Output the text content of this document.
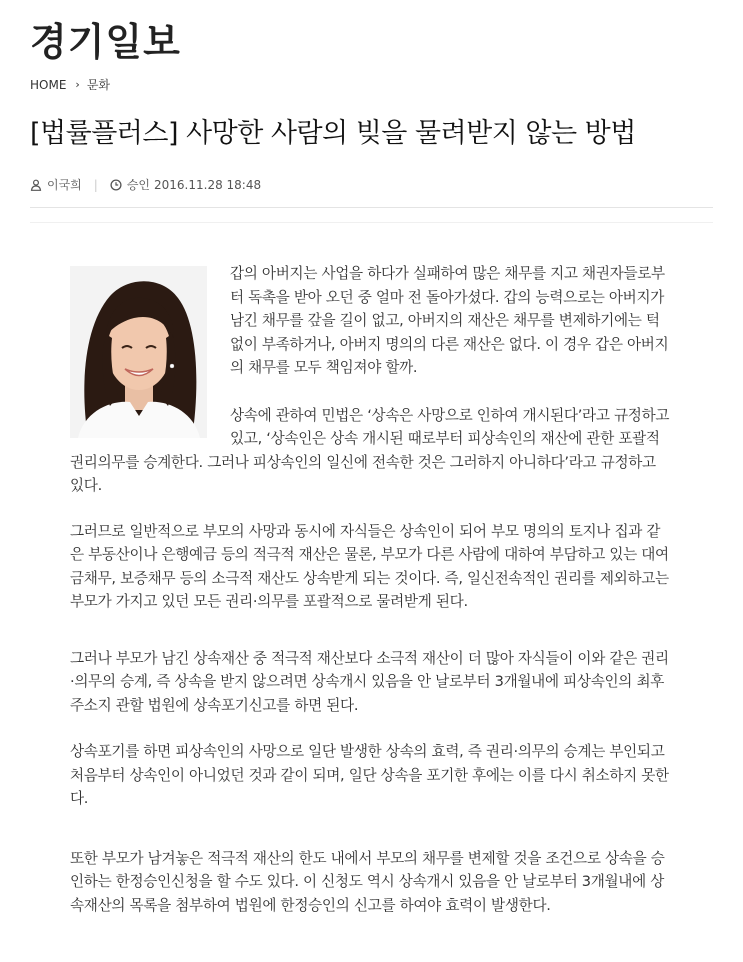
경기일보
HOME › 문화
[법률플러스] 사망한 사람의 빚을 물려받지 않는 방법
이국희 | 승인 2016.11.28 18:48

갑의 아버지는 사업을 하다가 실패하여 많은 채무를 지고 채권자들로부터 독촉을 받아 오던 중 얼마 전 돌아가셨다. 갑의 능력으로는 아버지가 남긴 채무를 갚을 길이 없고, 아버지의 재산은 채무를 변제하기에는 턱없이 부족하거나, 아버지 명의의 다른 재산은 없다. 이 경우 갑은 아버지의 채무를 모두 책임져야 할까.

상속에 관하여 민법은 ‘상속은 사망으로 인하여 개시된다’라고 규정하고 있고, ‘상속인은 상속 개시된 때로부터 피상속인의 재산에 관한 포괄적 권리의무를 승계한다. 그러나 피상속인의 일신에 전속한 것은 그러하지 아니하다’라고 규정하고 있다.

그러므로 일반적으로 부모의 사망과 동시에 자식들은 상속인이 되어 부모 명의의 토지나 집과 같은 부동산이나 은행예금 등의 적극적 재산은 물론, 부모가 다른 사람에 대하여 부담하고 있는 대여금채무, 보증채무 등의 소극적 재산도 상속받게 되는 것이다. 즉, 일신전속적인 권리를 제외하고는 부모가 가지고 있던 모든 권리·의무를 포괄적으로 물려받게 된다.

그러나 부모가 남긴 상속재산 중 적극적 재산보다 소극적 재산이 더 많아 자식들이 이와 같은 권리·의무의 승계, 즉 상속을 받지 않으려면 상속개시 있음을 안 날로부터 3개월내에 피상속인의 최후 주소지 관할 법원에 상속포기신고를 하면 된다.

상속포기를 하면 피상속인의 사망으로 일단 발생한 상속의 효력, 즉 권리·의무의 승계는 부인되고 처음부터 상속인이 아니었던 것과 같이 되며, 일단 상속을 포기한 후에는 이를 다시 취소하지 못한다.

또한 부모가 남겨놓은 적극적 재산의 한도 내에서 부모의 채무를 변제할 것을 조건으로 상속을 승인하는 한정승인신청을 할 수도 있다. 이 신청도 역시 상속개시 있음을 안 날로부터 3개월내에 상속재산의 목록을 첨부하여 법원에 한정승인의 신고를 하여야 효력이 발생한다.
